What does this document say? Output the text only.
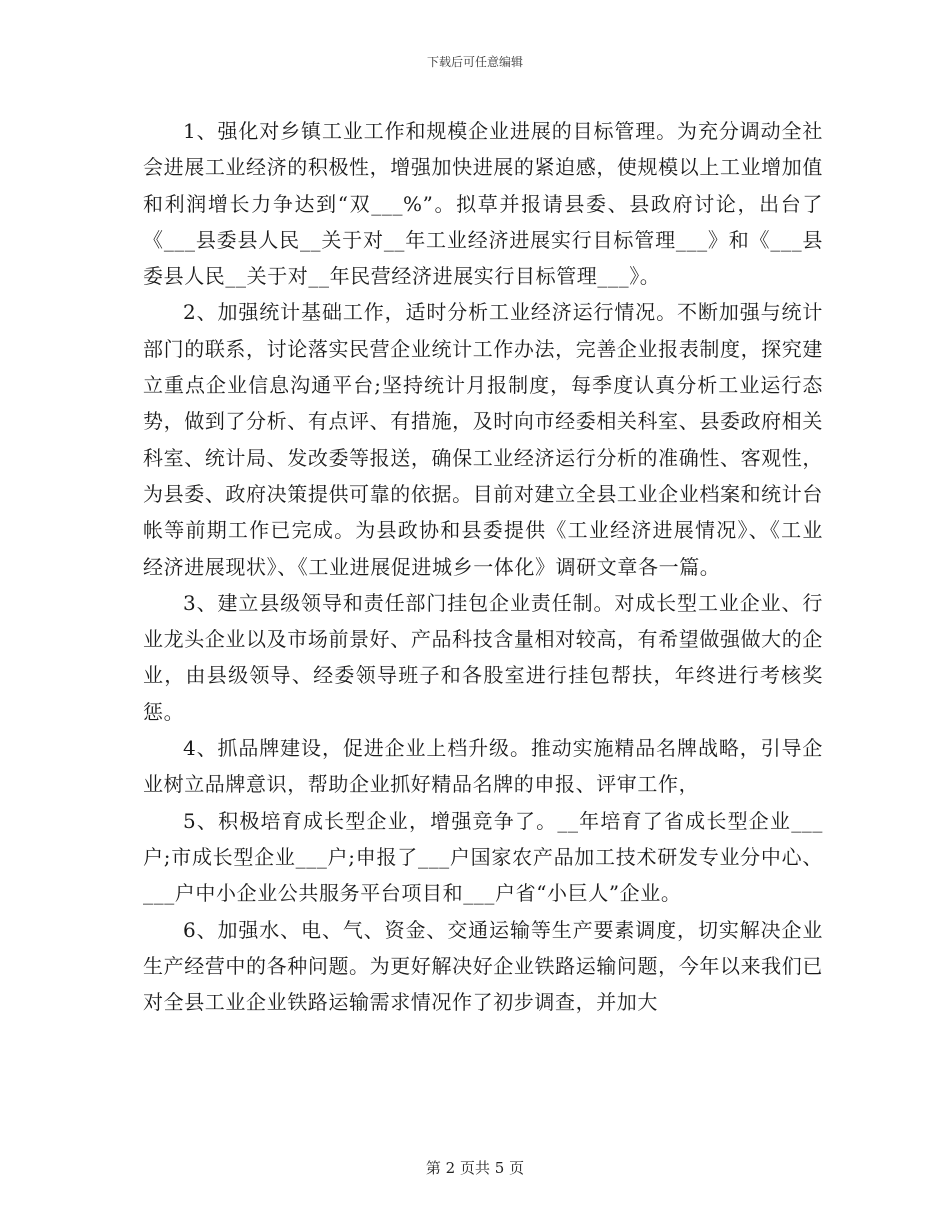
下载后可任意编辑

1、强化对乡镇工业工作和规模企业进展的目标管理。为充分调动全社会进展工业经济的积极性，增强加快进展的紧迫感，使规模以上工业增加值和利润增长力争达到“双___%”。拟草并报请县委、县政府讨论，出台了《___县委县人民__关于对__年工业经济进展实行目标管理___》和《___县委县人民__关于对__年民营经济进展实行目标管理___》。

2、加强统计基础工作，适时分析工业经济运行情况。不断加强与统计部门的联系，讨论落实民营企业统计工作办法，完善企业报表制度，探究建立重点企业信息沟通平台;坚持统计月报制度，每季度认真分析工业运行态势，做到了分析、有点评、有措施，及时向市经委相关科室、县委政府相关科室、统计局、发改委等报送，确保工业经济运行分析的准确性、客观性，为县委、政府决策提供可靠的依据。目前对建立全县工业企业档案和统计台帐等前期工作已完成。为县政协和县委提供《工业经济进展情况》、《工业经济进展现状》、《工业进展促进城乡一体化》调研文章各一篇。

3、建立县级领导和责任部门挂包企业责任制。对成长型工业企业、行业龙头企业以及市场前景好、产品科技含量相对较高，有希望做强做大的企业，由县级领导、经委领导班子和各股室进行挂包帮扶，年终进行考核奖惩。

4、抓品牌建设，促进企业上档升级。推动实施精品名牌战略，引导企业树立品牌意识，帮助企业抓好精品名牌的申报、评审工作，

5、积极培育成长型企业，增强竞争了。__年培育了省成长型企业___户;市成长型企业___户;申报了___户国家农产品加工技术研发专业分中心、___户中小企业公共服务平台项目和___户省“小巨人”企业。

6、加强水、电、气、资金、交通运输等生产要素调度，切实解决企业生产经营中的各种问题。为更好解决好企业铁路运输问题，今年以来我们已对全县工业企业铁路运输需求情况作了初步调查，并加大

第 2 页共 5 页
